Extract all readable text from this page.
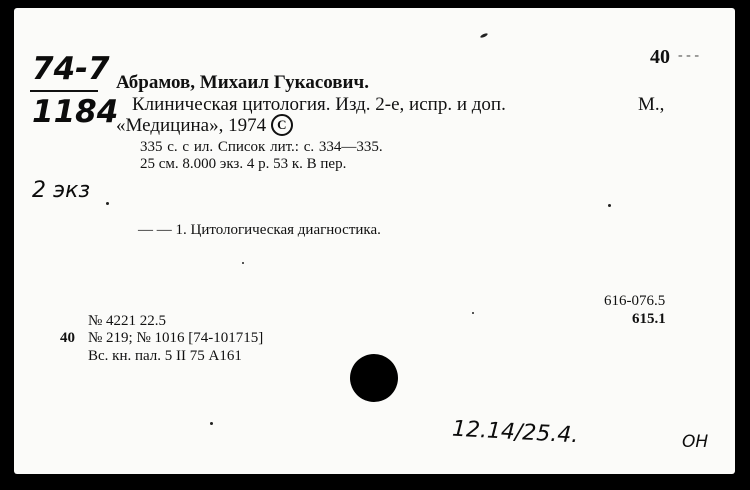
74-7
1184
2 экз
40 - - -
Абрамов, Михаил Гукасович.
Клиническая цитология. Изд. 2-е, испр. и доп.	М.,
«Медицина», 1974 C
335 с. с ил. Список лит.: с. 334—335.
25 см. 8.000 экз. 4 р. 53 к. В пер.
— — 1. Цитологическая диагностика.
616-076.5
615.1
№ 4221 22.5
40 № 219; № 1016 [74-101715]
Вс. кн. пал. 5 II 75 А161
12.14/25.4.	ОН
